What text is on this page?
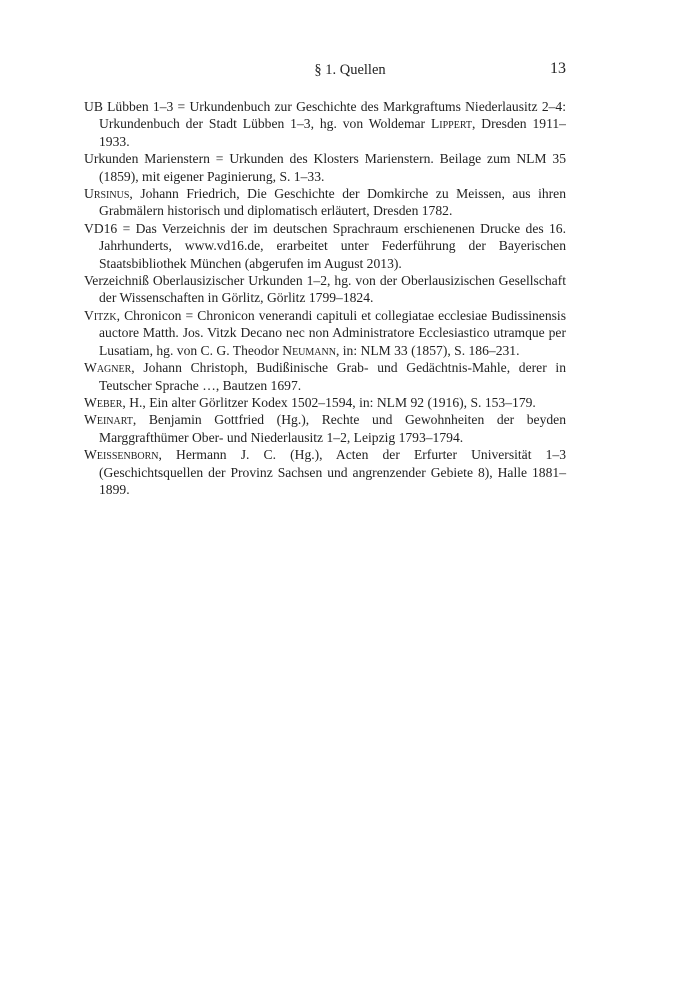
§ 1. Quellen	13

UB Lübben 1–3 = Urkundenbuch zur Geschichte des Markgraftums Niederlausitz 2–4: Urkundenbuch der Stadt Lübben 1–3, hg. von Woldemar Lippert, Dresden 1911–1933.

Urkunden Marienstern = Urkunden des Klosters Marienstern. Beilage zum NLM 35 (1859), mit eigener Paginierung, S. 1–33.

Ursinus, Johann Friedrich, Die Geschichte der Domkirche zu Meissen, aus ihren Grabmälern historisch und diplomatisch erläutert, Dresden 1782.

VD16 = Das Verzeichnis der im deutschen Sprachraum erschienenen Drucke des 16. Jahrhunderts, www.vd16.de, erarbeitet unter Federführung der Bayerischen Staatsbibliothek München (abgerufen im August 2013).

Verzeichniß Oberlausizischer Urkunden 1–2, hg. von der Oberlausizischen Gesellschaft der Wissenschaften in Görlitz, Görlitz 1799–1824.

Vitzk, Chronicon = Chronicon venerandi capituli et collegiatae ecclesiae Budissinensis auctore Matth. Jos. Vitzk Decano nec non Administratore Ecclesiastico utramque per Lusatiam, hg. von C. G. Theodor Neumann, in: NLM 33 (1857), S. 186–231.

Wagner, Johann Christoph, Budißinische Grab- und Gedächtnis-Mahle, derer in Teutscher Sprache …, Bautzen 1697.

Weber, H., Ein alter Görlitzer Kodex 1502–1594, in: NLM 92 (1916), S. 153–179.

Weinart, Benjamin Gottfried (Hg.), Rechte und Gewohnheiten der beyden Marggrafthümer Ober- und Niederlausitz 1–2, Leipzig 1793–1794.

Weissenborn, Hermann J. C. (Hg.), Acten der Erfurter Universität 1–3 (Geschichtsquellen der Provinz Sachsen und angrenzender Gebiete 8), Halle 1881–1899.
